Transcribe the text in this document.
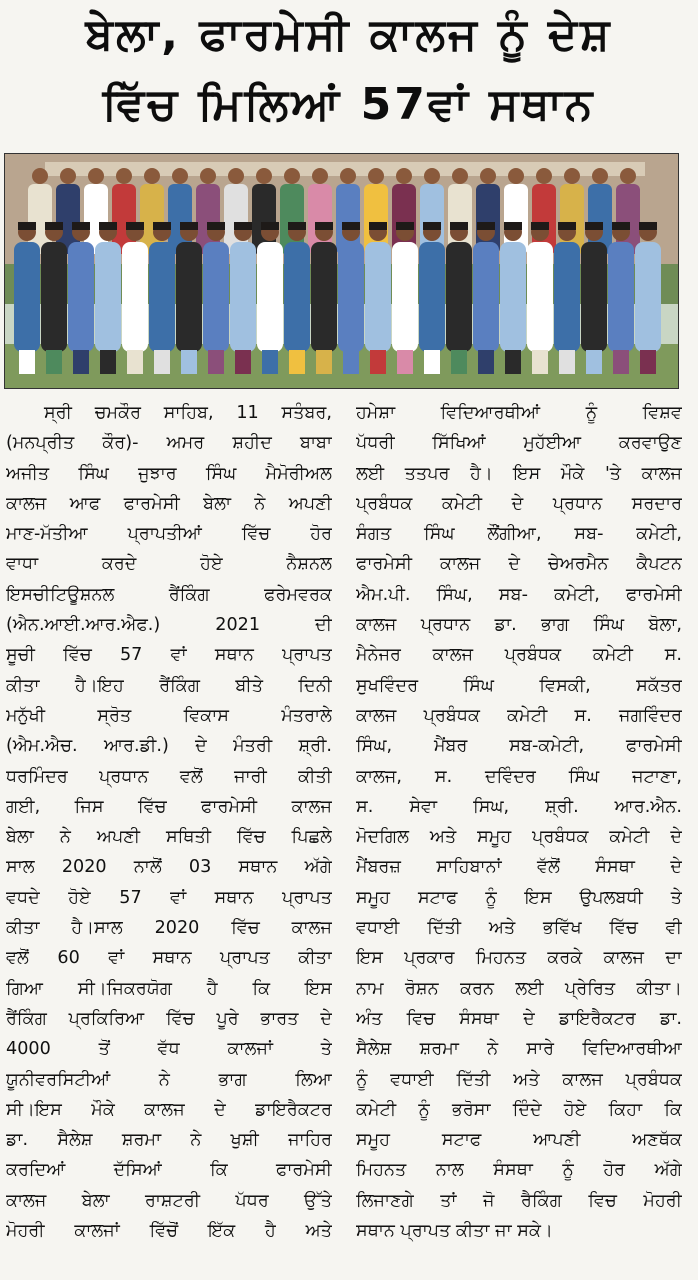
ਬੇਲਾ, ਫਾਰਮੇਸੀ ਕਾਲਜ ਨੂੰ ਦੇਸ਼
ਵਿੱਚ ਮਿਲਿਆਂ 57ਵਾਂ ਸਥਾਨ
ਸ੍ਰੀ ਚਮਕੌਰ ਸਾਹਿਬ, 11 ਸਤੰਬਰ,
(ਮਨਪ੍ਰੀਤ ਕੌਰ)- ਅਮਰ ਸ਼ਹੀਦ ਬਾਬਾ
ਅਜੀਤ ਸਿੰਘ ਜੁਝਾਰ ਸਿੰਘ ਮੈਮੋਰੀਅਲ
ਕਾਲਜ ਆਫ ਫਾਰਮੇਸੀ ਬੇਲਾ ਨੇ ਅਪਣੀ
ਮਾਣ-ਮੱਤੀਆ ਪ੍ਰਾਪਤੀਆਂ ਵਿੱਚ ਹੋਰ
ਵਾਧਾ ਕਰਦੇ ਹੋਏ ਨੈਸ਼ਨਲ
ਇਸਚੀਟਿਊਸ਼ਨਲ ਰੈਂਕਿੰਗ ਫਰੇਮਵਰਕ
(ਐਨ.ਆਈ.ਆਰ.ਐਫ.) 2021 ਦੀ
ਸੂਚੀ ਵਿੱਚ 57 ਵਾਂ ਸਥਾਨ ਪ੍ਰਾਪਤ
ਕੀਤਾ ਹੈ।ਇਹ ਰੈਂਕਿੰਗ ਬੀਤੇ ਦਿਨੀ
ਮਨੁੱਖੀ ਸ੍ਰੋਤ ਵਿਕਾਸ ਮੰਤਰਾਲੇ
(ਐਮ.ਐਚ. ਆਰ.ਡੀ.) ਦੇ ਮੰਤਰੀ ਸ਼੍ਰੀ.
ਧਰਮਿੰਦਰ ਪ੍ਰਧਾਨ ਵਲੋਂ ਜਾਰੀ ਕੀਤੀ
ਗਈ, ਜਿਸ ਵਿੱਚ ਫਾਰਮੇਸੀ ਕਾਲਜ
ਬੇਲਾ ਨੇ ਅਪਣੀ ਸਥਿਤੀ ਵਿੱਚ ਪਿਛਲੇ
ਸਾਲ 2020 ਨਾਲੋਂ 03 ਸਥਾਨ ਅੱਗੇ
ਵਧਦੇ ਹੋਏ 57 ਵਾਂ ਸਥਾਨ ਪ੍ਰਾਪਤ
ਕੀਤਾ ਹੈ।ਸਾਲ 2020 ਵਿੱਚ ਕਾਲਜ
ਵਲੋਂ 60 ਵਾਂ ਸਥਾਨ ਪ੍ਰਾਪਤ ਕੀਤਾ
ਗਿਆ ਸੀ।ਜਿਕਰਯੋਗ ਹੈ ਕਿ ਇਸ
ਰੈਂਕਿੰਗ ਪ੍ਰਕਿਰਿਆ ਵਿੱਚ ਪੂਰੇ ਭਾਰਤ ਦੇ
4000 ਤੋਂ ਵੱਧ ਕਾਲਜਾਂ ਤੇ
ਯੂਨੀਵਰਸਿਟੀਆਂ ਨੇ ਭਾਗ ਲਿਆ
ਸੀ।ਇਸ ਮੌਕੇ ਕਾਲਜ ਦੇ ਡਾਇਰੈਕਟਰ
ਡਾ. ਸੈਲੇਸ਼ ਸ਼ਰਮਾ ਨੇ ਖੁਸ਼ੀ ਜਾਹਿਰ
ਕਰਦਿਆਂ ਦੱਸਿਆਂ ਕਿ ਫਾਰਮੇਸੀ
ਕਾਲਜ ਬੇਲਾ ਰਾਸ਼ਟਰੀ ਪੱਧਰ ਉੱਤੇ
ਮੋਹਰੀ ਕਾਲਜਾਂ ਵਿੱਚੋਂ ਇੱਕ ਹੈ ਅਤੇ
ਹਮੇਸ਼ਾ ਵਿਦਿਆਰਥੀਆਂ ਨੂੰ ਵਿਸ਼ਵ
ਪੱਧਰੀ ਸਿੱਖਿਆਂ ਮੁਹੱਈਆ ਕਰਵਾਉਣ
ਲਈ ਤਤਪਰ ਹੈ। ਇਸ ਮੌਕੇ 'ਤੇ ਕਾਲਜ
ਪ੍ਰਬੰਧਕ ਕਮੇਟੀ ਦੇ ਪ੍ਰਧਾਨ ਸਰਦਾਰ
ਸੰਗਤ ਸਿੰਘ ਲੌਂਗੀਆ, ਸਬ- ਕਮੇਟੀ,
ਫਾਰਮੇਸੀ ਕਾਲਜ ਦੇ ਚੇਅਰਮੈਨ ਕੈਪਟਨ
ਐਮ.ਪੀ. ਸਿੰਘ, ਸਬ- ਕਮੇਟੀ, ਫਾਰਮੇਸੀ
ਕਾਲਜ ਪ੍ਰਧਾਨ ਡਾ. ਭਾਗ ਸਿੰਘ ਬੋਲਾ,
ਮੈਨੇਜਰ ਕਾਲਜ ਪ੍ਰਬੰਧਕ ਕਮੇਟੀ ਸ.
ਸੁਖਵਿੰਦਰ ਸਿੰਘ ਵਿਸਕੀ, ਸਕੱਤਰ
ਕਾਲਜ ਪ੍ਰਬੰਧਕ ਕਮੇਟੀ ਸ. ਜਗਵਿੰਦਰ
ਸਿੰਘ, ਮੈਂਬਰ ਸਬ-ਕਮੇਟੀ, ਫਾਰਮੇਸੀ
ਕਾਲਜ, ਸ. ਦਵਿੰਦਰ ਸਿੰਘ ਜਟਾਣਾ,
ਸ. ਸੇਵਾ ਸਿਘ, ਸ਼੍ਰੀ. ਆਰ.ਐਨ.
ਮੋਦਗਿਲ ਅਤੇ ਸਮੂਹ ਪ੍ਰਬੰਧਕ ਕਮੇਟੀ ਦੇ
ਮੈਂਬਰਜ਼ ਸਾਹਿਬਾਨਾਂ ਵੱਲੋਂ ਸੰਸਥਾ ਦੇ
ਸਮੂਹ ਸਟਾਫ ਨੂੰ ਇਸ ਉਪਲਬਧੀ ਤੇ
ਵਧਾਈ ਦਿੱਤੀ ਅਤੇ ਭਵਿੱਖ ਵਿੱਚ ਵੀ
ਇਸ ਪ੍ਰਕਾਰ ਮਿਹਨਤ ਕਰਕੇ ਕਾਲਜ ਦਾ
ਨਾਮ ਰੋਸ਼ਨ ਕਰਨ ਲਈ ਪ੍ਰੇਰਿਤ ਕੀਤਾ।
ਅੰਤ ਵਿਚ ਸੰਸਥਾ ਦੇ ਡਾਇਰੈਕਟਰ ਡਾ.
ਸੈਲੇਸ਼ ਸ਼ਰਮਾ ਨੇ ਸਾਰੇ ਵਿਦਿਆਰਥੀਆ
ਨੂੰ ਵਧਾਈ ਦਿੱਤੀ ਅਤੇ ਕਾਲਜ ਪ੍ਰਬੰਧਕ
ਕਮੇਟੀ ਨੂੰ ਭਰੋਸਾ ਦਿੰਦੇ ਹੋਏ ਕਿਹਾ ਕਿ
ਸਮੂਹ ਸਟਾਫ ਆਪਣੀ ਅਣਥੱਕ
ਮਿਹਨਤ ਨਾਲ ਸੰਸਥਾ ਨੂੰ ਹੋਰ ਅੱਗੇ
ਲਿਜਾਣਗੇ ਤਾਂ ਜੋ ਰੈਕਿੰਗ ਵਿਚ ਮੋਹਰੀ
ਸਥਾਨ ਪ੍ਰਾਪਤ ਕੀਤਾ ਜਾ ਸਕੇ।
